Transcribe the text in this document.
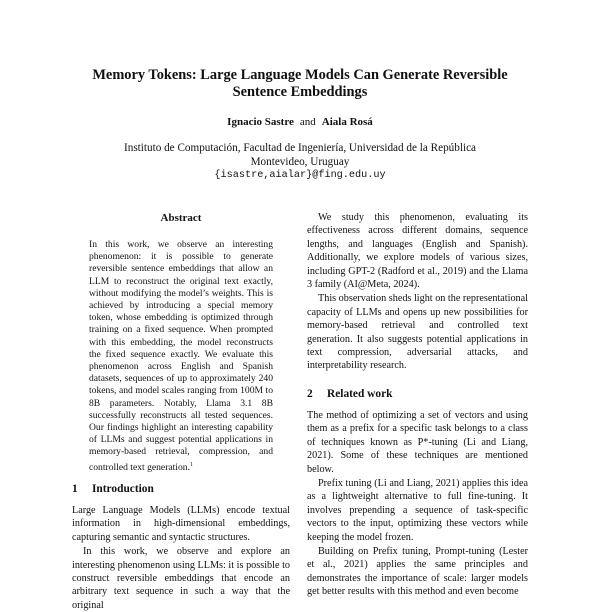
Memory Tokens: Large Language Models Can Generate Reversible
Sentence Embeddings
Ignacio Sastre and Aiala Rosá
Instituto de Computación, Facultad de Ingeniería, Universidad de la República
Montevideo, Uruguay
{isastre,aialar}@fing.edu.uy
Abstract
In this work, we observe an interesting phenomenon: it is possible to generate reversible sentence embeddings that allow an LLM to reconstruct the original text exactly, without modifying the model’s weights. This is achieved by introducing a special memory token, whose embedding is optimized through training on a fixed sequence. When prompted with this embedding, the model reconstructs the fixed sequence exactly. We evaluate this phenomenon across English and Spanish datasets, sequences of up to approximately 240 tokens, and model scales ranging from 100M to 8B parameters. Notably, Llama 3.1 8B successfully reconstructs all tested sequences. Our findings highlight an interesting capability of LLMs and suggest potential applications in memory-based retrieval, compression, and controlled text generation.$^1$
1 Introduction

Large Language Models (LLMs) encode textual information in high-dimensional embeddings, capturing semantic and syntactic structures.

In this work, we observe and explore an interesting phenomenon using LLMs: it is possible to construct reversible embeddings that encode an arbitrary text sequence in such a way that the original

We study this phenomenon, evaluating its effectiveness across different domains, sequence lengths, and languages (English and Spanish). Additionally, we explore models of various sizes, including GPT-2 (Radford et al., 2019) and the Llama 3 family (AI@Meta, 2024).

This observation sheds light on the representational capacity of LLMs and opens up new possibilities for memory-based retrieval and controlled text generation. It also suggests potential applications in text compression, adversarial attacks, and interpretability research.

2 Related work

The method of optimizing a set of vectors and using them as a prefix for a specific task belongs to a class of techniques known as P*-tuning (Li and Liang, 2021). Some of these techniques are mentioned below.

Prefix tuning (Li and Liang, 2021) applies this idea as a lightweight alternative to full fine-tuning. It involves prepending a sequence of task-specific vectors to the input, optimizing these vectors while keeping the model frozen.

Building on Prefix tuning, Prompt-tuning (Lester et al., 2021) applies the same principles and demonstrates the importance of scale: larger models get better results with this method and even become
